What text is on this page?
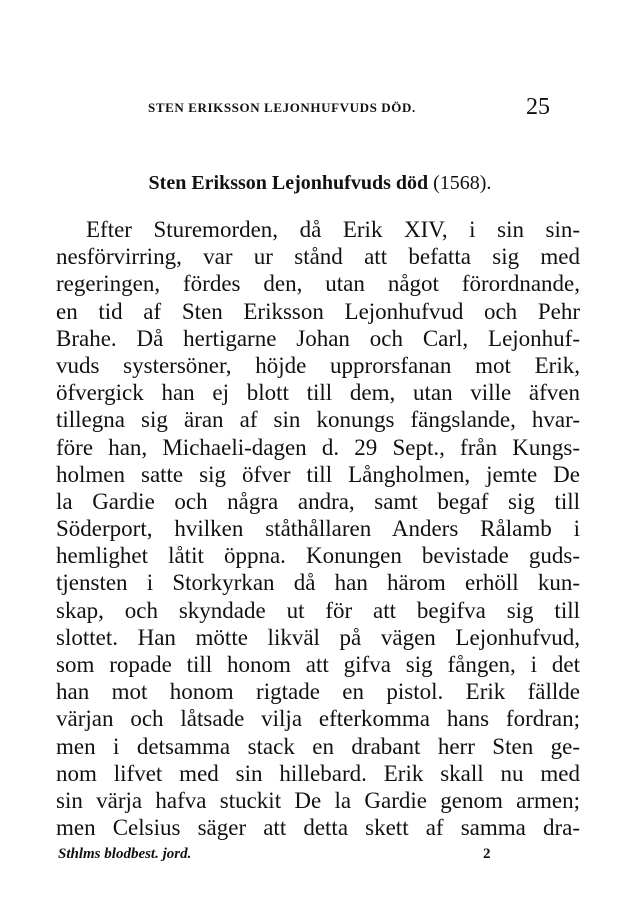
STEN ERIKSSON LEJONHUFVUDS DÖD.	25
Sten Eriksson Lejonhufvuds död (1568).
Efter Sturemorden, då Erik XIV, i sin sin-
nesförvirring, var ur stånd att befatta sig med
regeringen, fördes den, utan något förordnande,
en tid af Sten Eriksson Lejonhufvud och Pehr
Brahe. Då hertigarne Johan och Carl, Lejonhuf-
vuds systersöner, höjde upprorsfanan mot Erik,
öfvergick han ej blott till dem, utan ville äfven
tillegna sig äran af sin konungs fängslande, hvar-
före han, Michaeli-dagen d. 29 Sept., från Kungs-
holmen satte sig öfver till Långholmen, jemte De
la Gardie och några andra, samt begaf sig till
Söderport, hvilken ståthållaren Anders Rålamb i
hemlighet låtit öppna. Konungen bevistade guds-
tjensten i Storkyrkan då han härom erhöll kun-
skap, och skyndade ut för att begifva sig till
slottet. Han mötte likväl på vägen Lejonhufvud,
som ropade till honom att gifva sig fången, i det
han mot honom rigtade en pistol. Erik fällde
värjan och låtsade vilja efterkomma hans fordran;
men i detsamma stack en drabant herr Sten ge-
nom lifvet med sin hillebard. Erik skall nu med
sin värja hafva stuckit De la Gardie genom armen;
men Celsius säger att detta skett af samma dra-
Sthlms blodbest. jord.	2
